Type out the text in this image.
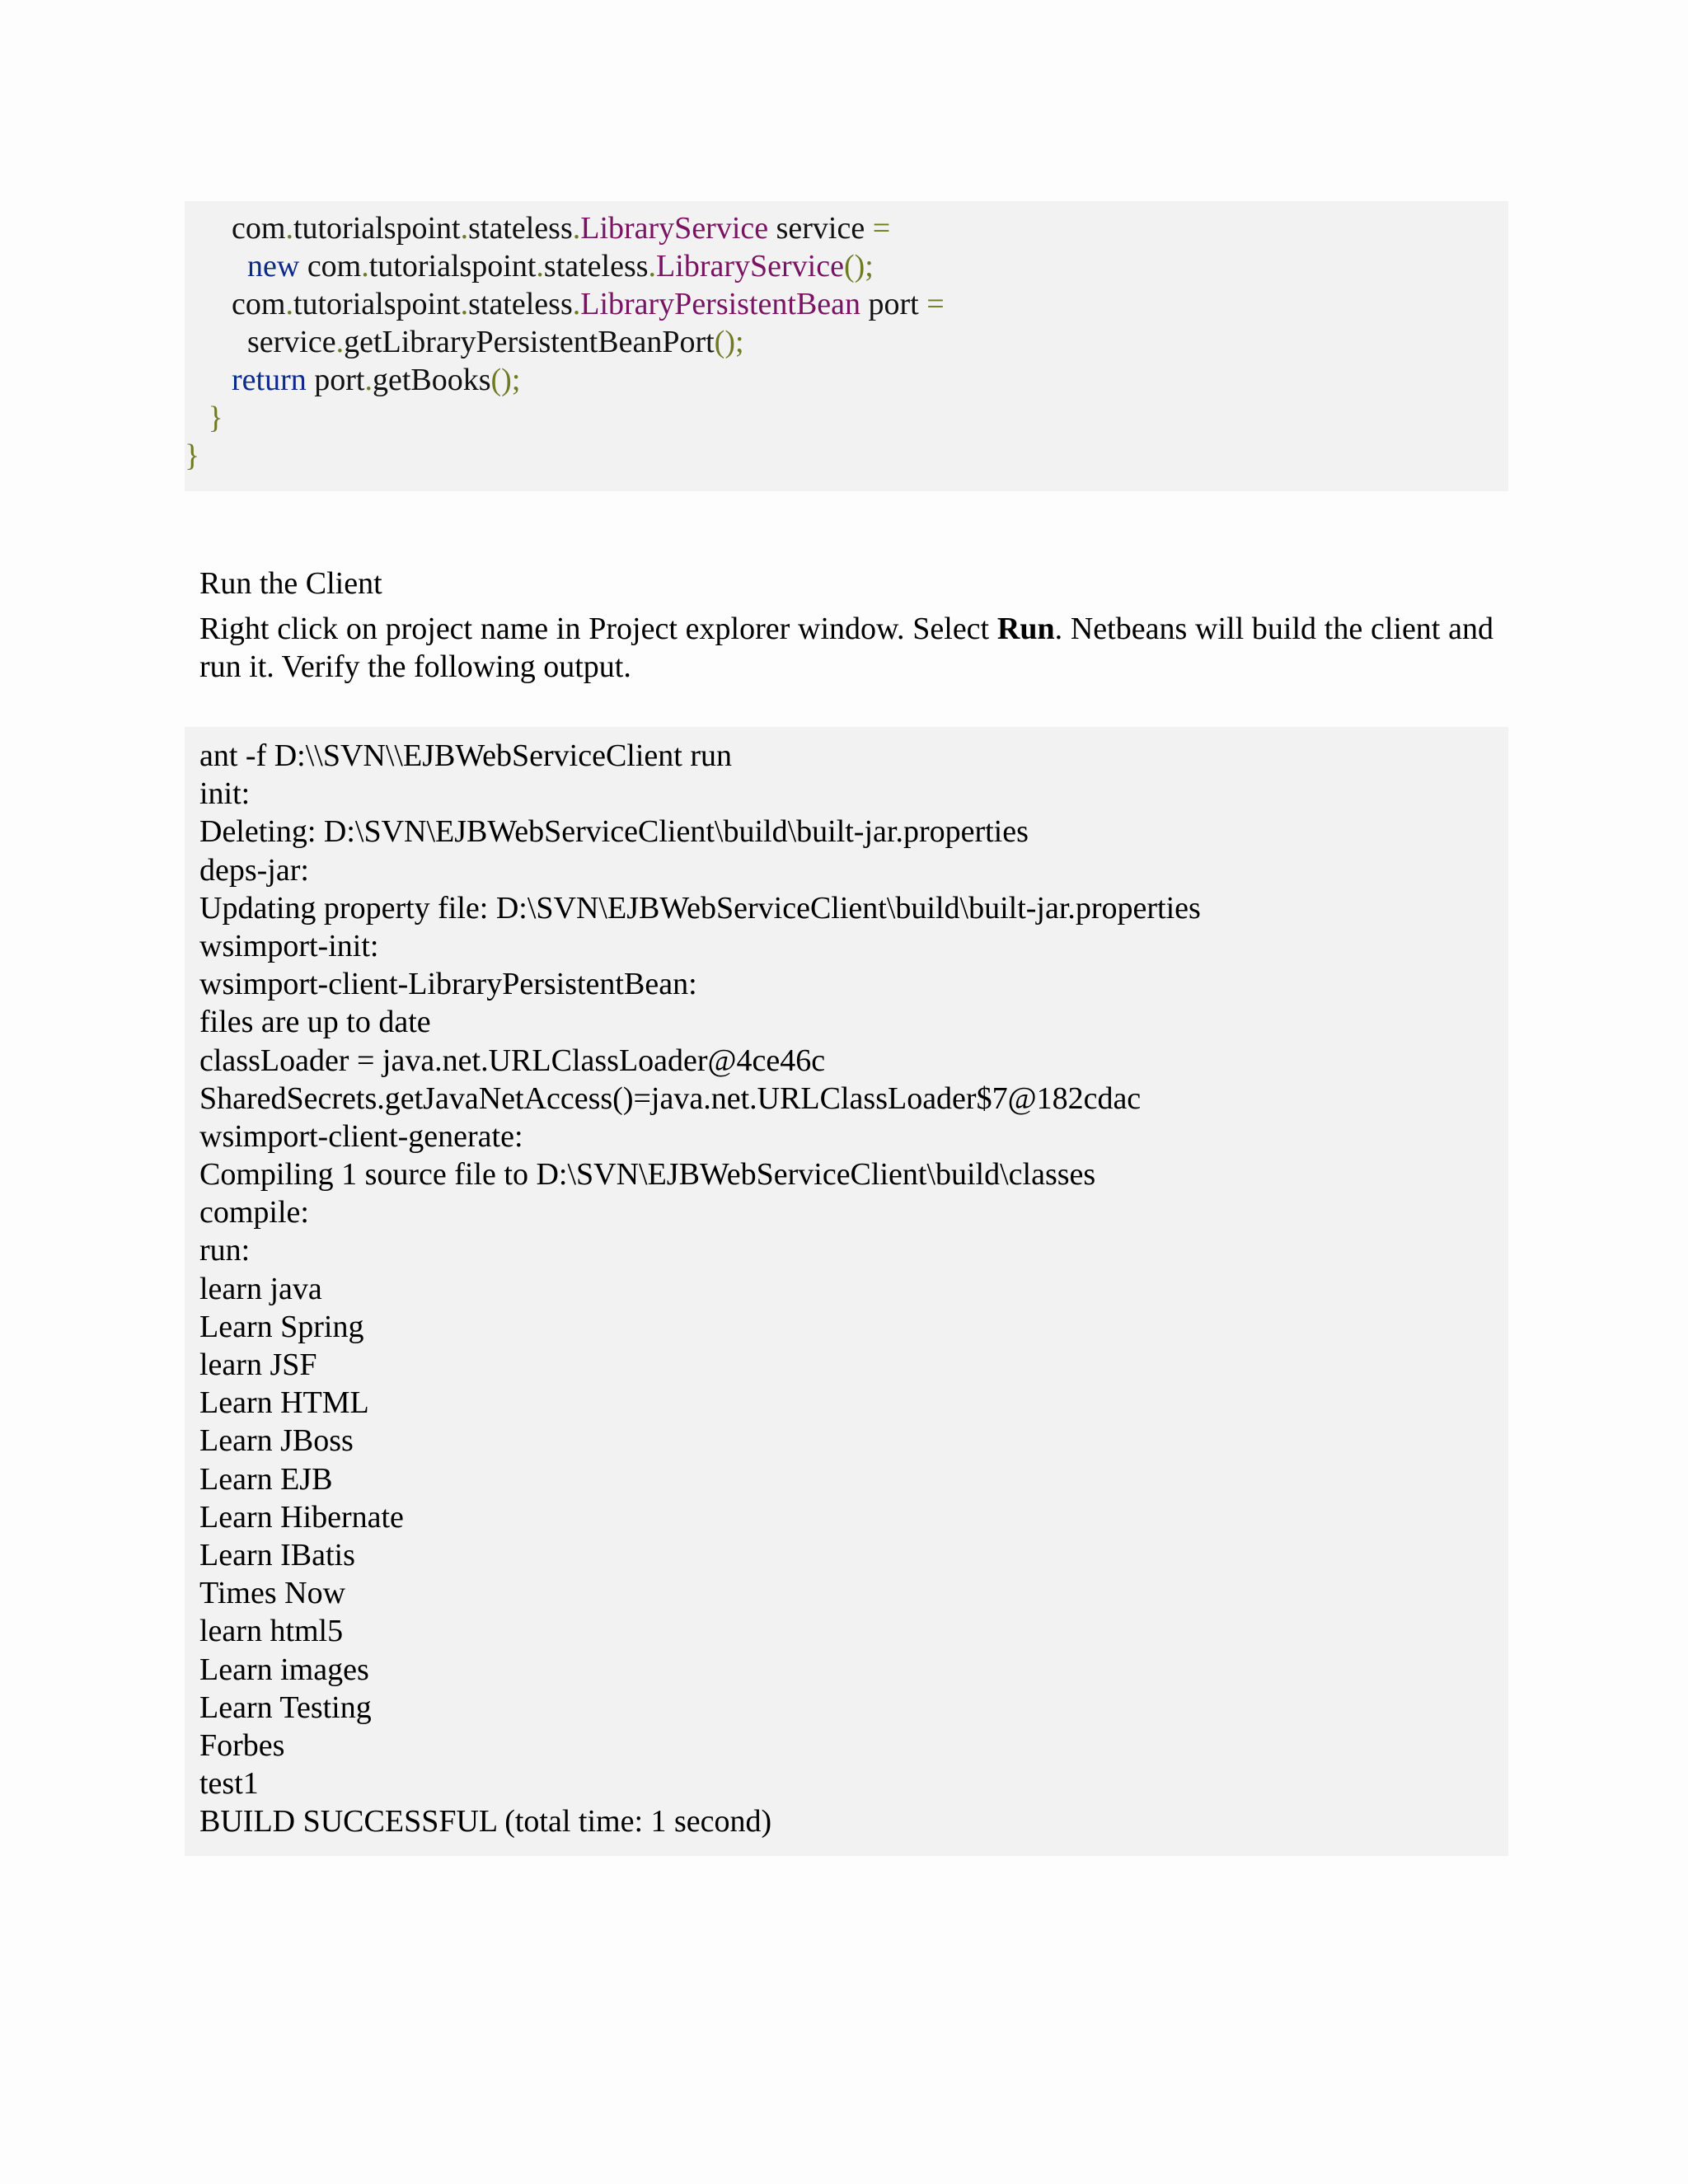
com.tutorialspoint.stateless.LibraryService service =
new com.tutorialspoint.stateless.LibraryService();
com.tutorialspoint.stateless.LibraryPersistentBean port =
service.getLibraryPersistentBeanPort();
return port.getBooks();
}
}
Run the Client
Right click on project name in Project explorer window. Select Run. Netbeans will build the client and run it. Verify the following output.
ant -f D:\\SVN\\EJBWebServiceClient run
init:
Deleting: D:\SVN\EJBWebServiceClient\build\built-jar.properties
deps-jar:
Updating property file: D:\SVN\EJBWebServiceClient\build\built-jar.properties
wsimport-init:
wsimport-client-LibraryPersistentBean:
files are up to date
classLoader = java.net.URLClassLoader@4ce46c
SharedSecrets.getJavaNetAccess()=java.net.URLClassLoader$7@182cdac
wsimport-client-generate:
Compiling 1 source file to D:\SVN\EJBWebServiceClient\build\classes
compile:
run:
learn java
Learn Spring
learn JSF
Learn HTML
Learn JBoss
Learn EJB
Learn Hibernate
Learn IBatis
Times Now
learn html5
Learn images
Learn Testing
Forbes
test1
BUILD SUCCESSFUL (total time: 1 second)
